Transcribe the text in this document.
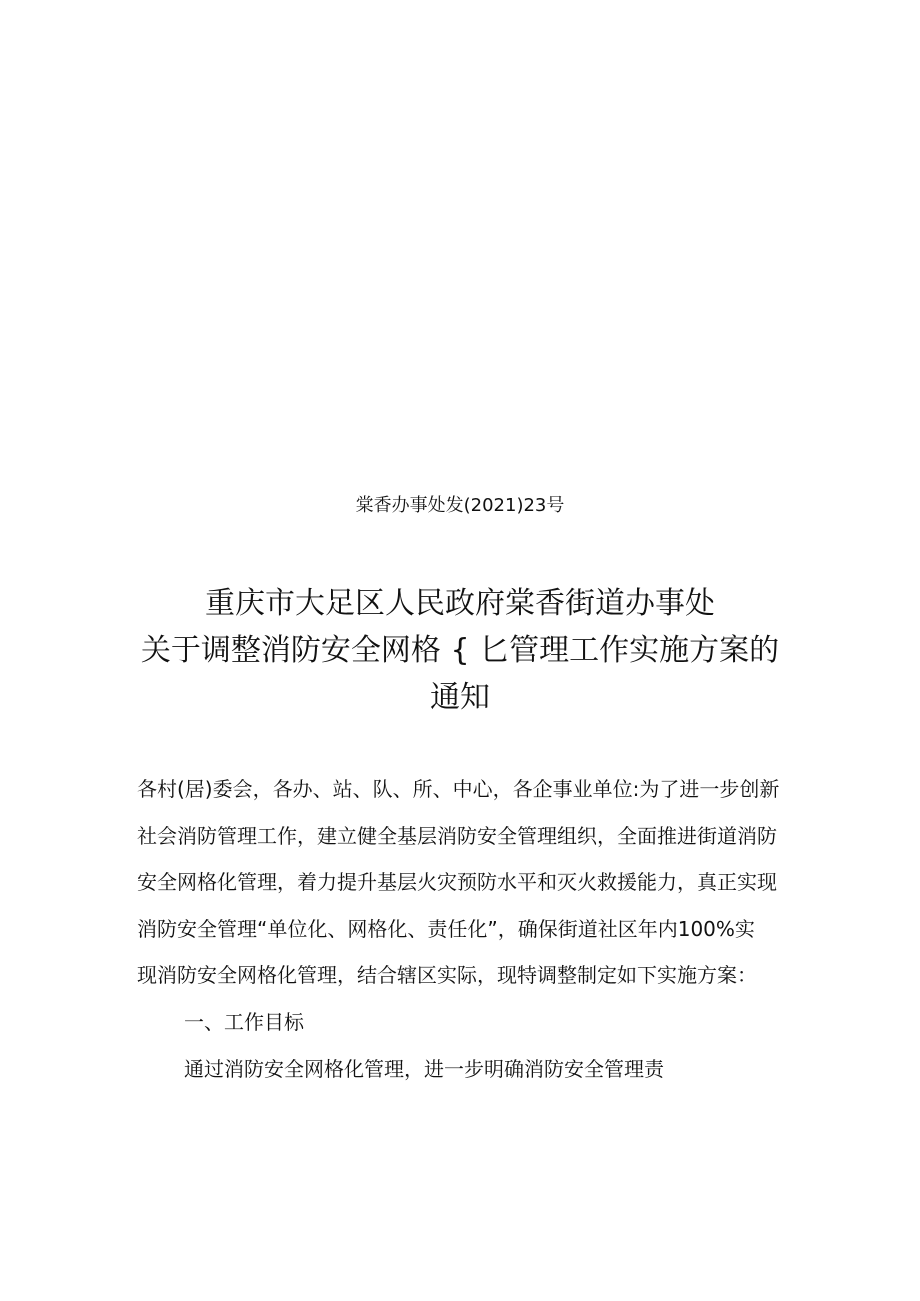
棠香办事处发(2021)23号
重庆市大足区人民政府棠香街道办事处
关于调整消防安全网格 { 匕管理工作实施方案的
通知
各村(居)委会，各办、站、队、所、中心，各企事业单位:为了进一步创新
社会消防管理工作，建立健全基层消防安全管理组织，全面推进街道消防
安全网格化管理，着力提升基层火灾预防水平和灭火救援能力，真正实现
消防安全管理“单位化、网格化、责任化”，确保街道社区年内100%实
现消防安全网格化管理，结合辖区实际，现特调整制定如下实施方案：
一、工作目标
通过消防安全网格化管理，进一步明确消防安全管理责
